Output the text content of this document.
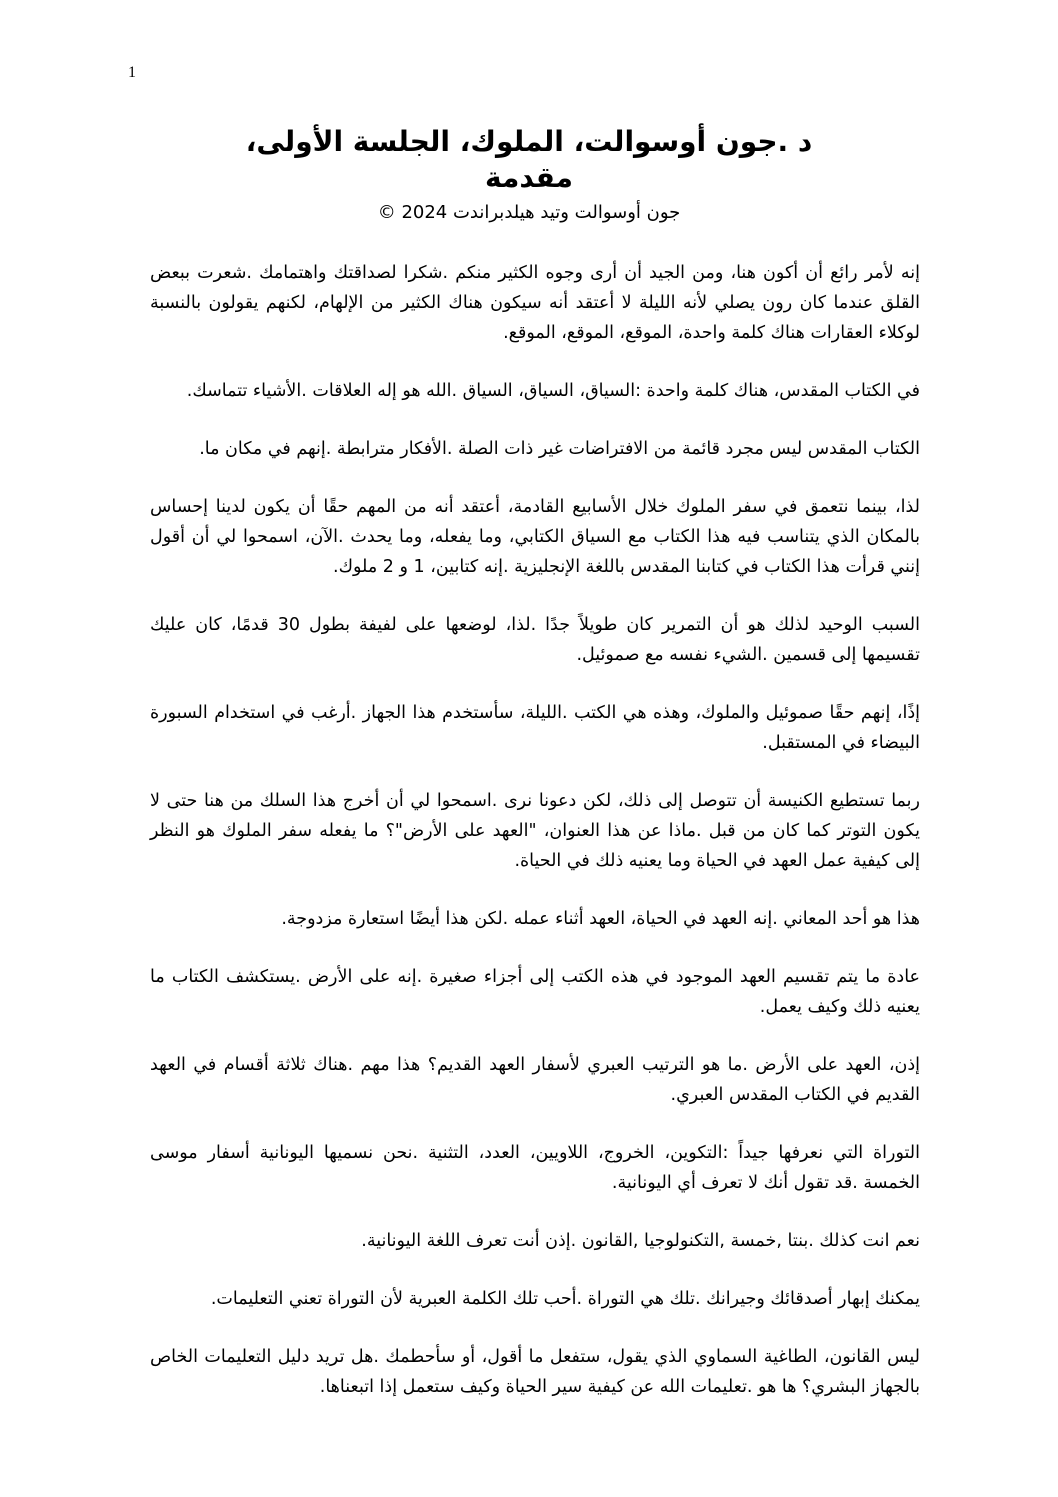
1
د .جون أوسوالت، الملوك، الجلسة الأولى،
مقدمة
جون أوسوالت وتيد هيلدبراندت 2024 ©

إنه لأمر رائع أن أكون هنا، ومن الجيد أن أرى وجوه الكثير منكم .شكرا لصداقتك واهتمامك .شعرت ببعض القلق عندما كان رون يصلي لأنه الليلة لا أعتقد أنه سيكون هناك الكثير من الإلهام، لكنهم يقولون بالنسبة لوكلاء العقارات هناك كلمة واحدة، الموقع، الموقع، الموقع.

في الكتاب المقدس، هناك كلمة واحدة :السياق، السياق، السياق .الله هو إله العلاقات .الأشياء تتماسك.

الكتاب المقدس ليس مجرد قائمة من الافتراضات غير ذات الصلة .الأفكار مترابطة .إنهم في مكان ما.

لذا، بينما نتعمق في سفر الملوك خلال الأسابيع القادمة، أعتقد أنه من المهم حقًا أن يكون لدينا إحساس بالمكان الذي يتناسب فيه هذا الكتاب مع السياق الكتابي، وما يفعله، وما يحدث .الآن، اسمحوا لي أن أقول إنني قرأت هذا الكتاب في كتابنا المقدس باللغة الإنجليزية .إنه كتابين، 1 و 2 ملوك.

السبب الوحيد لذلك هو أن التمرير كان طويلاً جدًا .لذا، لوضعها على لفيفة بطول 30 قدمًا، كان عليك تقسيمها إلى قسمين .الشيء نفسه مع صموئيل.

إذًا، إنهم حقًا صموئيل والملوك، وهذه هي الكتب .الليلة، سأستخدم هذا الجهاز .أرغب في استخدام السبورة البيضاء في المستقبل.

ربما تستطيع الكنيسة أن تتوصل إلى ذلك، لكن دعونا نرى .اسمحوا لي أن أخرج هذا السلك من هنا حتى لا يكون التوتر كما كان من قبل .ماذا عن هذا العنوان، "العهد على الأرض"؟ ما يفعله سفر الملوك هو النظر إلى كيفية عمل العهد في الحياة وما يعنيه ذلك في الحياة.

هذا هو أحد المعاني .إنه العهد في الحياة، العهد أثناء عمله .لكن هذا أيضًا استعارة مزدوجة.

عادة ما يتم تقسيم العهد الموجود في هذه الكتب إلى أجزاء صغيرة .إنه على الأرض .يستكشف الكتاب ما يعنيه ذلك وكيف يعمل.

إذن، العهد على الأرض .ما هو الترتيب العبري لأسفار العهد القديم؟ هذا مهم .هناك ثلاثة أقسام في العهد القديم في الكتاب المقدس العبري.

التوراة التي نعرفها جيداً :التكوين، الخروج، اللاويين، العدد، التثنية .نحن نسميها اليونانية أسفار موسى الخمسة .قد تقول أنك لا تعرف أي اليونانية.

نعم انت كذلك .بنتا ,خمسة ,التكنولوجيا ,القانون .إذن أنت تعرف اللغة اليونانية.

يمكنك إبهار أصدقائك وجيرانك .تلك هي التوراة .أحب تلك الكلمة العبرية لأن التوراة تعني التعليمات.

ليس القانون، الطاغية السماوي الذي يقول، ستفعل ما أقول، أو سأحطمك .هل تريد دليل التعليمات الخاص بالجهاز البشري؟ ها هو .تعليمات الله عن كيفية سير الحياة وكيف ستعمل إذا اتبعناها.
